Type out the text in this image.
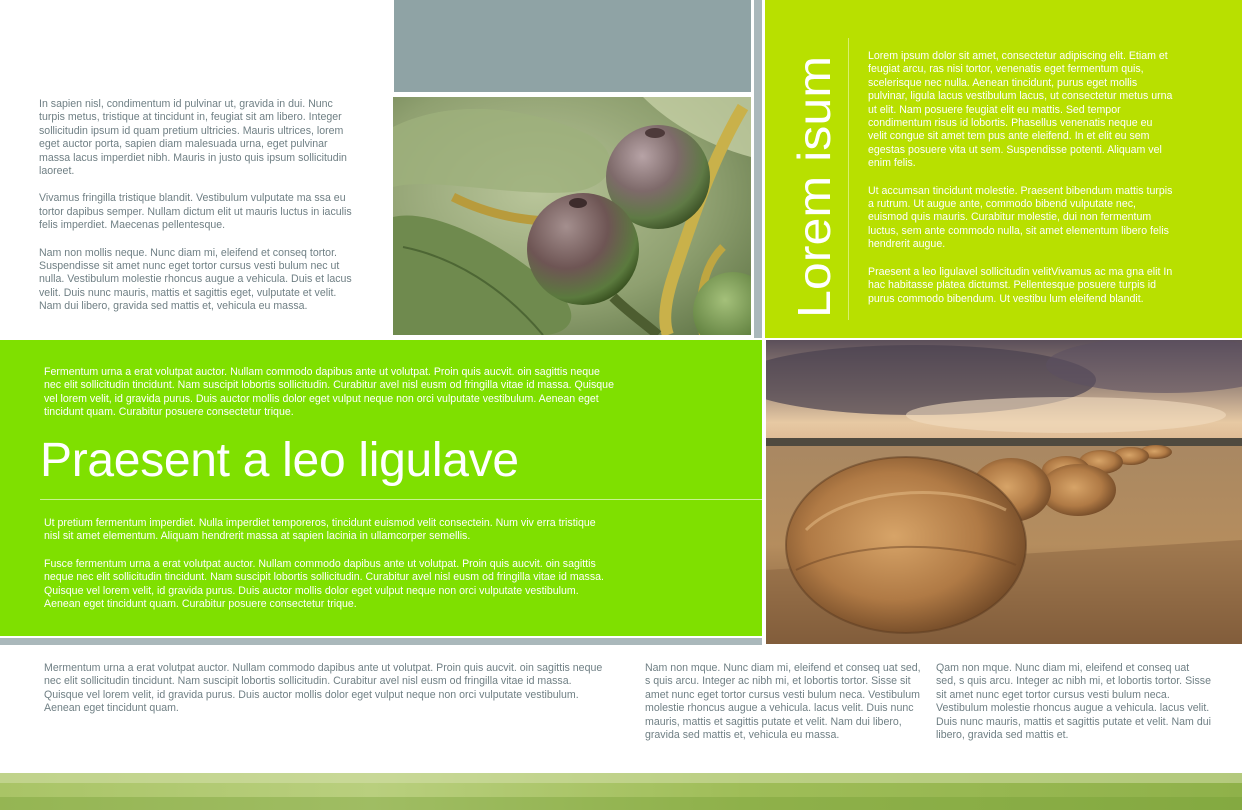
In sapien nisl, condimentum id pulvinar ut, gravida in dui. Nunc turpis metus, tristique at tincidunt in, feugiat sit am libero. Integer sollicitudin ipsum id quam pretium ultricies. Mauris ultrices, lorem eget auctor porta, sapien diam malesuada urna, eget pulvinar massa lacus imperdiet nibh. Mauris in justo quis ipsum sollicitudin laoreet.

Vivamus fringilla tristique blandit. Vestibulum vulputate ma ssa eu tortor dapibus semper. Nullam dictum elit ut mauris luctus in iaculis felis imperdiet. Maecenas pellentesque.

Nam non mollis neque. Nunc diam mi, eleifend et conseq tortor. Suspendisse sit amet nunc eget tortor cursus vesti bulum nec ut nulla. Vestibulum molestie rhoncus augue a vehicula. Duis et lacus velit. Duis nunc mauris, mattis et sagittis eget, vulputate et velit. Nam dui libero, gravida sed mattis et, vehicula eu massa.	Lorem isum

Lorem ipsum dolor sit amet, consectetur adipiscing elit. Etiam et feugiat arcu, ras nisi tortor, venenatis eget fermentum quis, scelerisque nec nulla. Aenean tincidunt, purus eget mollis pulvinar, ligula lacus vestibulum lacus, ut consectetur metus urna ut elit. Nam posuere feugiat elit eu mattis. Sed tempor condimentum risus id lobortis. Phasellus venenatis neque eu velit congue sit amet tem pus ante eleifend. In et elit eu sem egestas posuere vita ut sem. Suspendisse potenti. Aliquam vel enim felis.

Ut accumsan tincidunt molestie. Praesent bibendum mattis turpis a rutrum. Ut augue ante, commodo bibend vulputate nec, euismod quis mauris. Curabitur molestie, dui non fermentum luctus, sem ante commodo nulla, sit amet elementum libero felis hendrerit augue.

Praesent a leo ligulavel sollicitudin velitVivamus ac ma gna elit In hac habitasse platea dictumst. Pellentesque posuere turpis id purus commodo bibendum. Ut vestibu lum eleifend blandit.

Fermentum urna a erat volutpat auctor. Nullam commodo dapibus ante ut volutpat. Proin quis aucvit. oin sagittis neque nec elit sollicitudin tincidunt. Nam suscipit lobortis sollicitudin. Curabitur avel nisl eusm od fringilla vitae id massa. Quisque vel lorem velit, id gravida purus. Duis auctor mollis dolor eget vulput neque non orci vulputate vestibulum. Aenean eget tincidunt quam. Curabitur posuere consectetur trique.

Praesent a leo ligulave

Ut pretium fermentum imperdiet. Nulla imperdiet temporeros, tincidunt euismod velit consectein. Num viv erra tristique nisl sit amet elementum. Aliquam hendrerit massa at sapien lacinia in ullamcorper semellis.

Fusce fermentum urna a erat volutpat auctor. Nullam commodo dapibus ante ut volutpat. Proin quis aucvit. oin sagittis neque nec elit sollicitudin tincidunt. Nam suscipit lobortis sollicitudin. Curabitur avel nisl eusm od fringilla vitae id massa. Quisque vel lorem velit, id gravida purus. Duis auctor mollis dolor eget vulput neque non orci vulputate vestibulum. Aenean eget tincidunt quam. Curabitur posuere consectetur trique.

Mermentum urna a erat volutpat auctor. Nullam commodo dapibus ante ut volutpat. Proin quis aucvit. oin sagittis neque nec elit sollicitudin tincidunt. Nam suscipit lobortis sollicitudin. Curabitur avel nisl eusm od fringilla vitae id massa. Quisque vel lorem velit, id gravida purus. Duis auctor mollis dolor eget vulput neque non orci vulputate vestibulum. Aenean eget tincidunt quam.

Nam non mque. Nunc diam mi, eleifend et conseq uat sed, s quis arcu. Integer ac nibh mi, et lobortis tortor. Sisse sit amet nunc eget tortor cursus vesti bulum neca. Vestibulum molestie rhoncus augue a vehicula. lacus velit. Duis nunc mauris, mattis et sagittis putate et velit. Nam dui libero, gravida sed mattis et, vehicula eu massa.

Qam non mque. Nunc diam mi, eleifend et conseq uat sed, s quis arcu. Integer ac nibh mi, et lobortis tortor. Sisse sit amet nunc eget tortor cursus vesti bulum neca. Vestibulum molestie rhoncus augue a vehicula. lacus velit. Duis nunc mauris, mattis et sagittis putate et velit. Nam dui libero, gravida sed mattis et.
